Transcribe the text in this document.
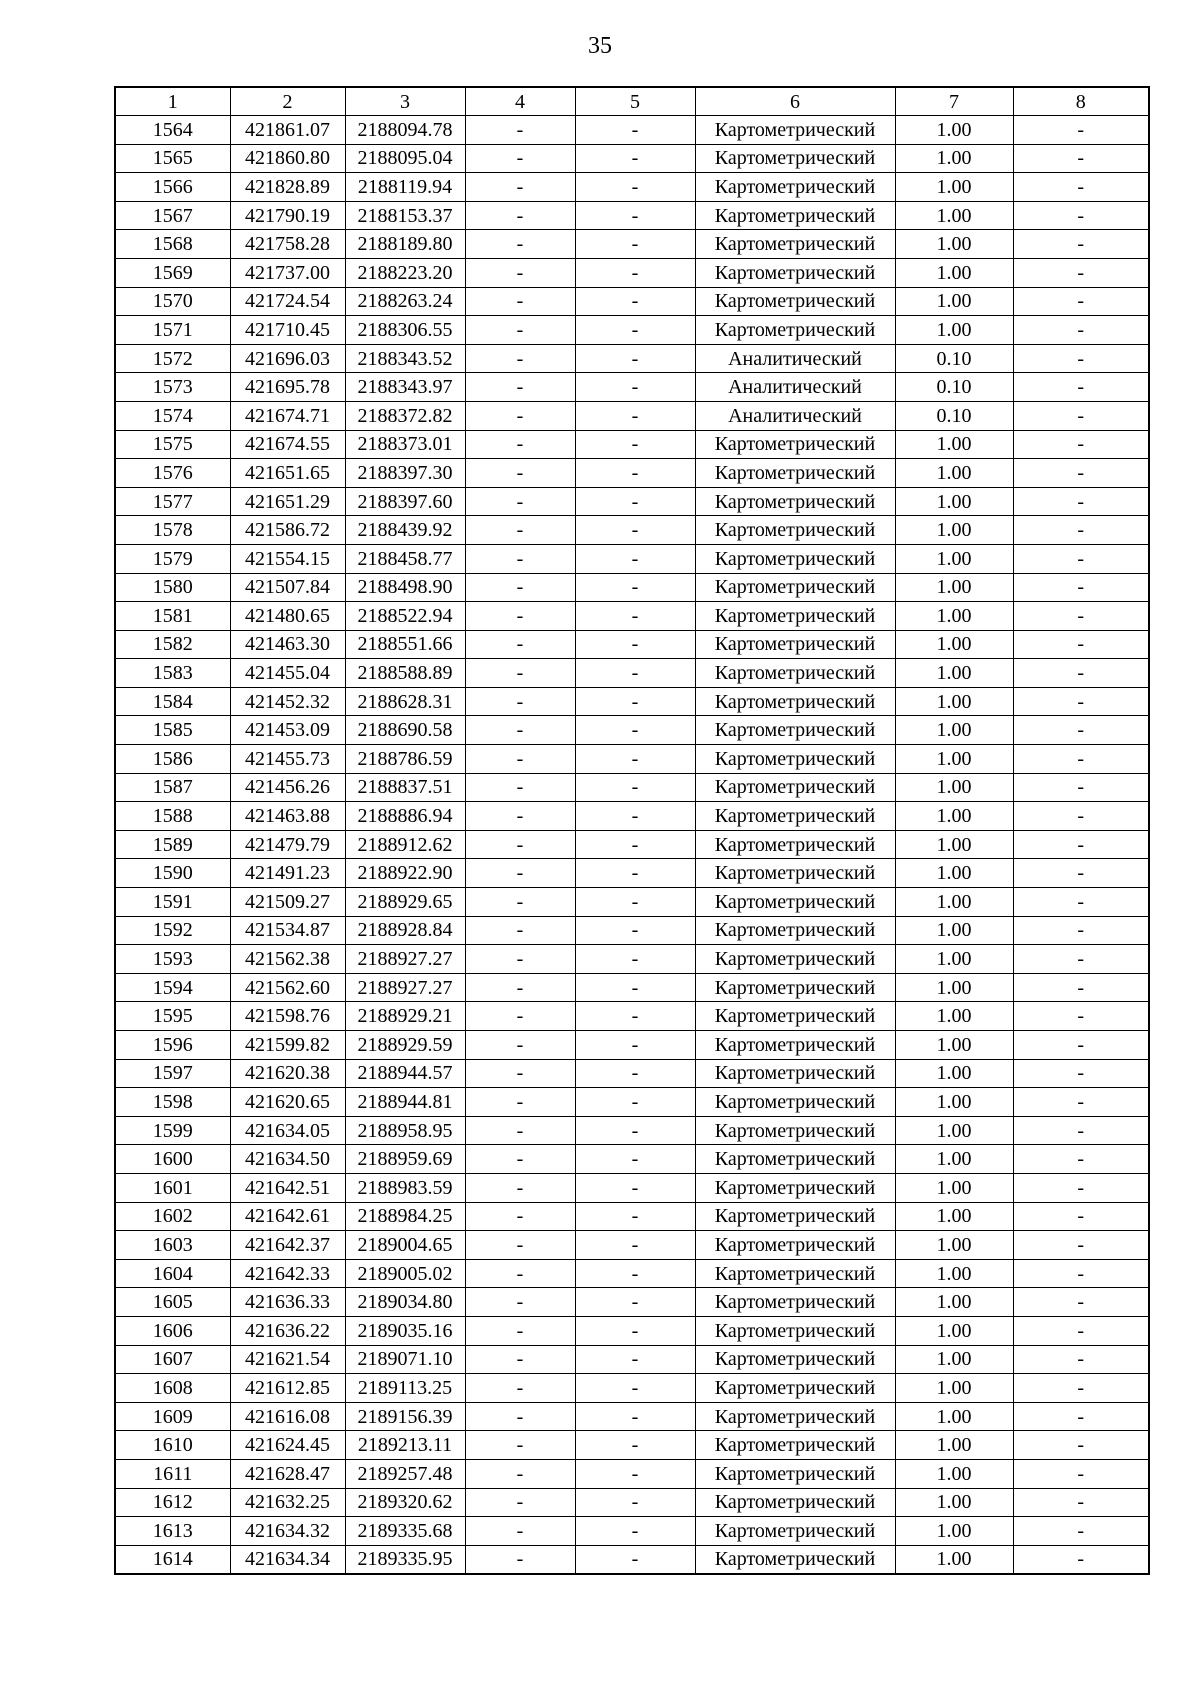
35
1	2	3	4	5	6	7	8
1564	421861.07	2188094.78	-	-	Картометрический	1.00	-
1565	421860.80	2188095.04	-	-	Картометрический	1.00	-
1566	421828.89	2188119.94	-	-	Картометрический	1.00	-
1567	421790.19	2188153.37	-	-	Картометрический	1.00	-
1568	421758.28	2188189.80	-	-	Картометрический	1.00	-
1569	421737.00	2188223.20	-	-	Картометрический	1.00	-
1570	421724.54	2188263.24	-	-	Картометрический	1.00	-
1571	421710.45	2188306.55	-	-	Картометрический	1.00	-
1572	421696.03	2188343.52	-	-	Аналитический	0.10	-
1573	421695.78	2188343.97	-	-	Аналитический	0.10	-
1574	421674.71	2188372.82	-	-	Аналитический	0.10	-
1575	421674.55	2188373.01	-	-	Картометрический	1.00	-
1576	421651.65	2188397.30	-	-	Картометрический	1.00	-
1577	421651.29	2188397.60	-	-	Картометрический	1.00	-
1578	421586.72	2188439.92	-	-	Картометрический	1.00	-
1579	421554.15	2188458.77	-	-	Картометрический	1.00	-
1580	421507.84	2188498.90	-	-	Картометрический	1.00	-
1581	421480.65	2188522.94	-	-	Картометрический	1.00	-
1582	421463.30	2188551.66	-	-	Картометрический	1.00	-
1583	421455.04	2188588.89	-	-	Картометрический	1.00	-
1584	421452.32	2188628.31	-	-	Картометрический	1.00	-
1585	421453.09	2188690.58	-	-	Картометрический	1.00	-
1586	421455.73	2188786.59	-	-	Картометрический	1.00	-
1587	421456.26	2188837.51	-	-	Картометрический	1.00	-
1588	421463.88	2188886.94	-	-	Картометрический	1.00	-
1589	421479.79	2188912.62	-	-	Картометрический	1.00	-
1590	421491.23	2188922.90	-	-	Картометрический	1.00	-
1591	421509.27	2188929.65	-	-	Картометрический	1.00	-
1592	421534.87	2188928.84	-	-	Картометрический	1.00	-
1593	421562.38	2188927.27	-	-	Картометрический	1.00	-
1594	421562.60	2188927.27	-	-	Картометрический	1.00	-
1595	421598.76	2188929.21	-	-	Картометрический	1.00	-
1596	421599.82	2188929.59	-	-	Картометрический	1.00	-
1597	421620.38	2188944.57	-	-	Картометрический	1.00	-
1598	421620.65	2188944.81	-	-	Картометрический	1.00	-
1599	421634.05	2188958.95	-	-	Картометрический	1.00	-
1600	421634.50	2188959.69	-	-	Картометрический	1.00	-
1601	421642.51	2188983.59	-	-	Картометрический	1.00	-
1602	421642.61	2188984.25	-	-	Картометрический	1.00	-
1603	421642.37	2189004.65	-	-	Картометрический	1.00	-
1604	421642.33	2189005.02	-	-	Картометрический	1.00	-
1605	421636.33	2189034.80	-	-	Картометрический	1.00	-
1606	421636.22	2189035.16	-	-	Картометрический	1.00	-
1607	421621.54	2189071.10	-	-	Картометрический	1.00	-
1608	421612.85	2189113.25	-	-	Картометрический	1.00	-
1609	421616.08	2189156.39	-	-	Картометрический	1.00	-
1610	421624.45	2189213.11	-	-	Картометрический	1.00	-
1611	421628.47	2189257.48	-	-	Картометрический	1.00	-
1612	421632.25	2189320.62	-	-	Картометрический	1.00	-
1613	421634.32	2189335.68	-	-	Картометрический	1.00	-
1614	421634.34	2189335.95	-	-	Картометрический	1.00	-
